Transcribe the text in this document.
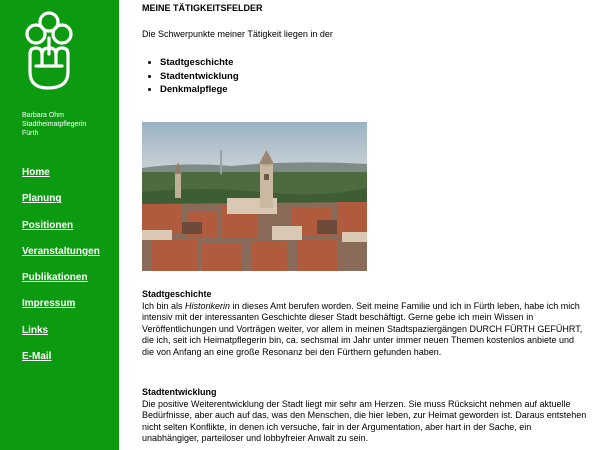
Barbara Ohm
Stadtheimatpflegerin
Fürth
Home
Planung
Positionen
Veranstaltungen
Publikationen
Impressum
Links
E-Mail
MEINE TÄTIGKEITSFELDER
Die Schwerpunkte meiner Tätigkeit liegen in der
• Stadtgeschichte
• Stadtentwicklung
• Denkmalpflege
Stadtgeschichte

Ich bin als Historikerin in dieses Amt berufen worden. Seit meine Familie und ich in Fürth leben, habe ich mich intensiv mit der interessanten Geschichte dieser Stadt beschäftigt. Gerne gebe ich mein Wissen in Veröffentlichungen und Vorträgen weiter, vor allem in meinen Stadtspaziergängen DURCH FÜRTH GEFÜHRT, die ich, seit ich Heimatpflegerin bin, ca. sechsmal im Jahr unter immer neuen Themen kostenlos anbiete und die von Anfang an eine große Resonanz bei den Fürthern gefunden haben.

Stadtentwicklung

Die positive Weiterentwicklung der Stadt liegt mir sehr am Herzen. Sie muss Rücksicht nehmen auf aktuelle Bedürfnisse, aber auch auf das, was den Menschen, die hier leben, zur Heimat geworden ist. Daraus entstehen nicht selten Konflikte, in denen ich versuche, fair in der Argumentation, aber hart in der Sache, ein unabhängiger, parteiloser und lobbyfreier Anwalt zu sein.
